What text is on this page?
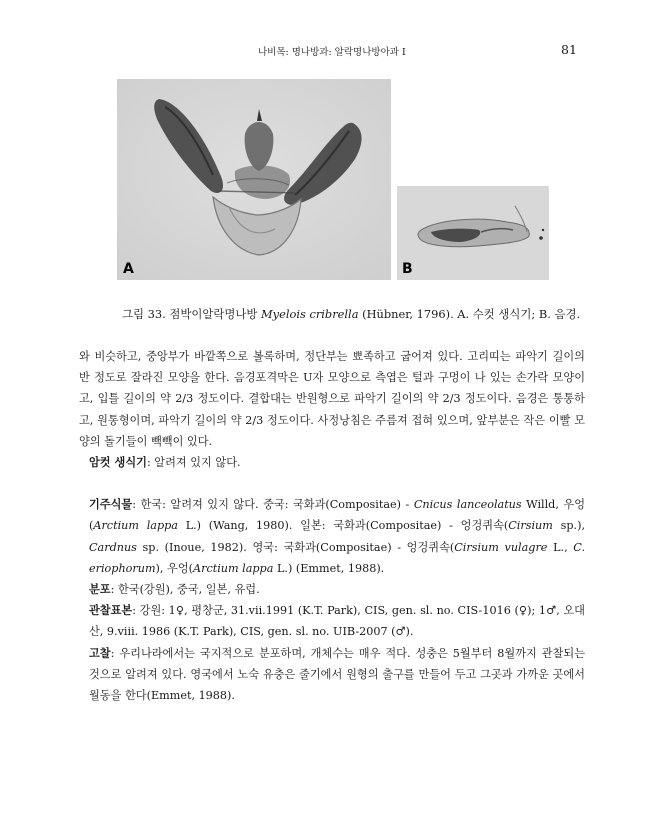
나비목: 명나방과: 알락명나방아과 I	81
A	B
그림 33. 점박이알락명나방 Myelois cribrella (Hübner, 1796). A. 수컷 생식기; B. 음경.

와 비슷하고, 중앙부가 바깥쪽으로 볼록하며, 정단부는 뾰족하고 굽어져 있다. 고리띠는 파악기 길이의 반 정도로 잘라진 모양을 한다. 음경포격막은 U자 모양으로 측엽은 털과 구멍이 나 있는 손가락 모양이고, 입틀 길이의 약 2/3 정도이다. 결합대는 반원형으로 파악기 길이의 약 2/3 정도이다. 음경은 통통하고, 원통형이며, 파악기 길이의 약 2/3 정도이다. 사정낭침은 주름져 접혀 있으며, 앞부분은 작은 이빨 모양의 돌기들이 빽빽이 있다.

암컷 생식기: 알려져 있지 않다.

기주식물: 한국: 알려져 있지 않다. 중국: 국화과(Compositae) - Cnicus lanceolatus Willd, 우엉(Arctium lappa L.) (Wang, 1980). 일본: 국화과(Compositae) - 엉겅퀴속(Cirsium sp.), Cardnus sp. (Inoue, 1982). 영국: 국화과(Compositae) - 엉겅퀴속(Cirsium vulagre L., C. eriophorum), 우엉(Arctium lappa L.) (Emmet, 1988).

분포: 한국(강원), 중국, 일본, 유럽.

관찰표본: 강원: 1♀, 평창군, 31.vii.1991 (K.T. Park), CIS, gen. sl. no. CIS-1016 (♀); 1♂, 오대산, 9.viii. 1986 (K.T. Park), CIS, gen. sl. no. UIB-2007 (♂).

고찰: 우리나라에서는 국지적으로 분포하며, 개체수는 매우 적다. 성충은 5월부터 8월까지 관찰되는 것으로 알려져 있다. 영국에서 노숙 유충은 줄기에서 원형의 출구를 만들어 두고 그곳과 가까운 곳에서 월동을 한다(Emmet, 1988).
